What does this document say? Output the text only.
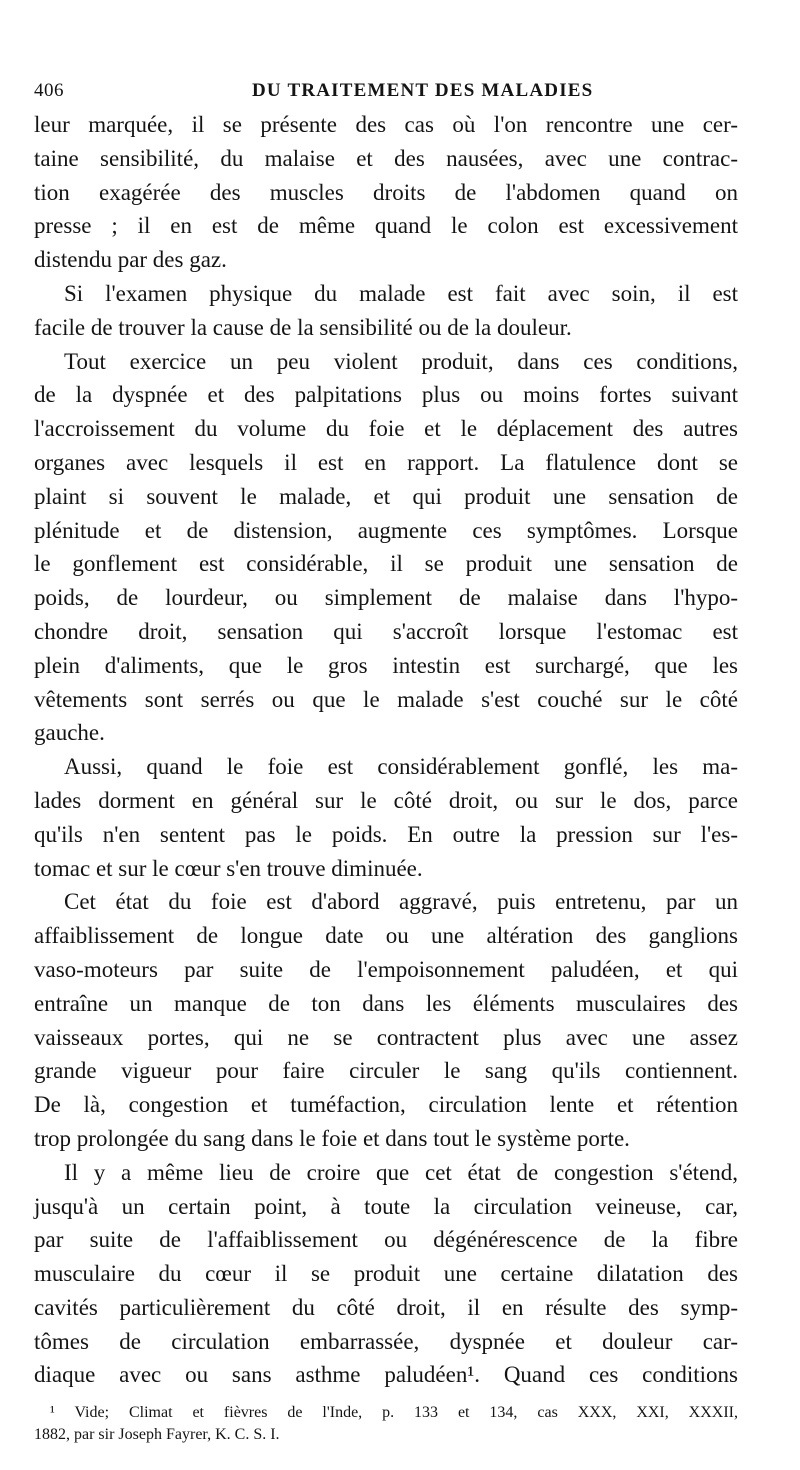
406	DU TRAITEMENT DES MALADIES
leur marquée, il se présente des cas où l'on rencontre une cer-
taine sensibilité, du malaise et des nausées, avec une contrac-
tion exagérée des muscles droits de l'abdomen quand on
presse ; il en est de même quand le colon est excessivement
distendu par des gaz.
Si l'examen physique du malade est fait avec soin, il est
facile de trouver la cause de la sensibilité ou de la douleur.
Tout exercice un peu violent produit, dans ces conditions,
de la dyspnée et des palpitations plus ou moins fortes suivant
l'accroissement du volume du foie et le déplacement des autres
organes avec lesquels il est en rapport. La flatulence dont se
plaint si souvent le malade, et qui produit une sensation de
plénitude et de distension, augmente ces symptômes. Lorsque
le gonflement est considérable, il se produit une sensation de
poids, de lourdeur, ou simplement de malaise dans l'hypo-
chondre droit, sensation qui s'accroît lorsque l'estomac est
plein d'aliments, que le gros intestin est surchargé, que les
vêtements sont serrés ou que le malade s'est couché sur le côté
gauche.
Aussi, quand le foie est considérablement gonflé, les ma-
lades dorment en général sur le côté droit, ou sur le dos, parce
qu'ils n'en sentent pas le poids. En outre la pression sur l'es-
tomac et sur le cœur s'en trouve diminuée.
Cet état du foie est d'abord aggravé, puis entretenu, par un
affaiblissement de longue date ou une altération des ganglions
vaso-moteurs par suite de l'empoisonnement paludéen, et qui
entraîne un manque de ton dans les éléments musculaires des
vaisseaux portes, qui ne se contractent plus avec une assez
grande vigueur pour faire circuler le sang qu'ils contiennent.
De là, congestion et tuméfaction, circulation lente et rétention
trop prolongée du sang dans le foie et dans tout le système porte.
Il y a même lieu de croire que cet état de congestion s'étend,
jusqu'à un certain point, à toute la circulation veineuse, car,
par suite de l'affaiblissement ou dégénérescence de la fibre
musculaire du cœur il se produit une certaine dilatation des
cavités particulièrement du côté droit, il en résulte des symp-
tômes de circulation embarrassée, dyspnée et douleur car-
diaque avec ou sans asthme paludéen¹. Quand ces conditions
¹ Vide; Climat et fièvres de l'Inde, p. 133 et 134, cas XXX, XXI, XXXII,
1882, par sir Joseph Fayrer, K. C. S. I.
